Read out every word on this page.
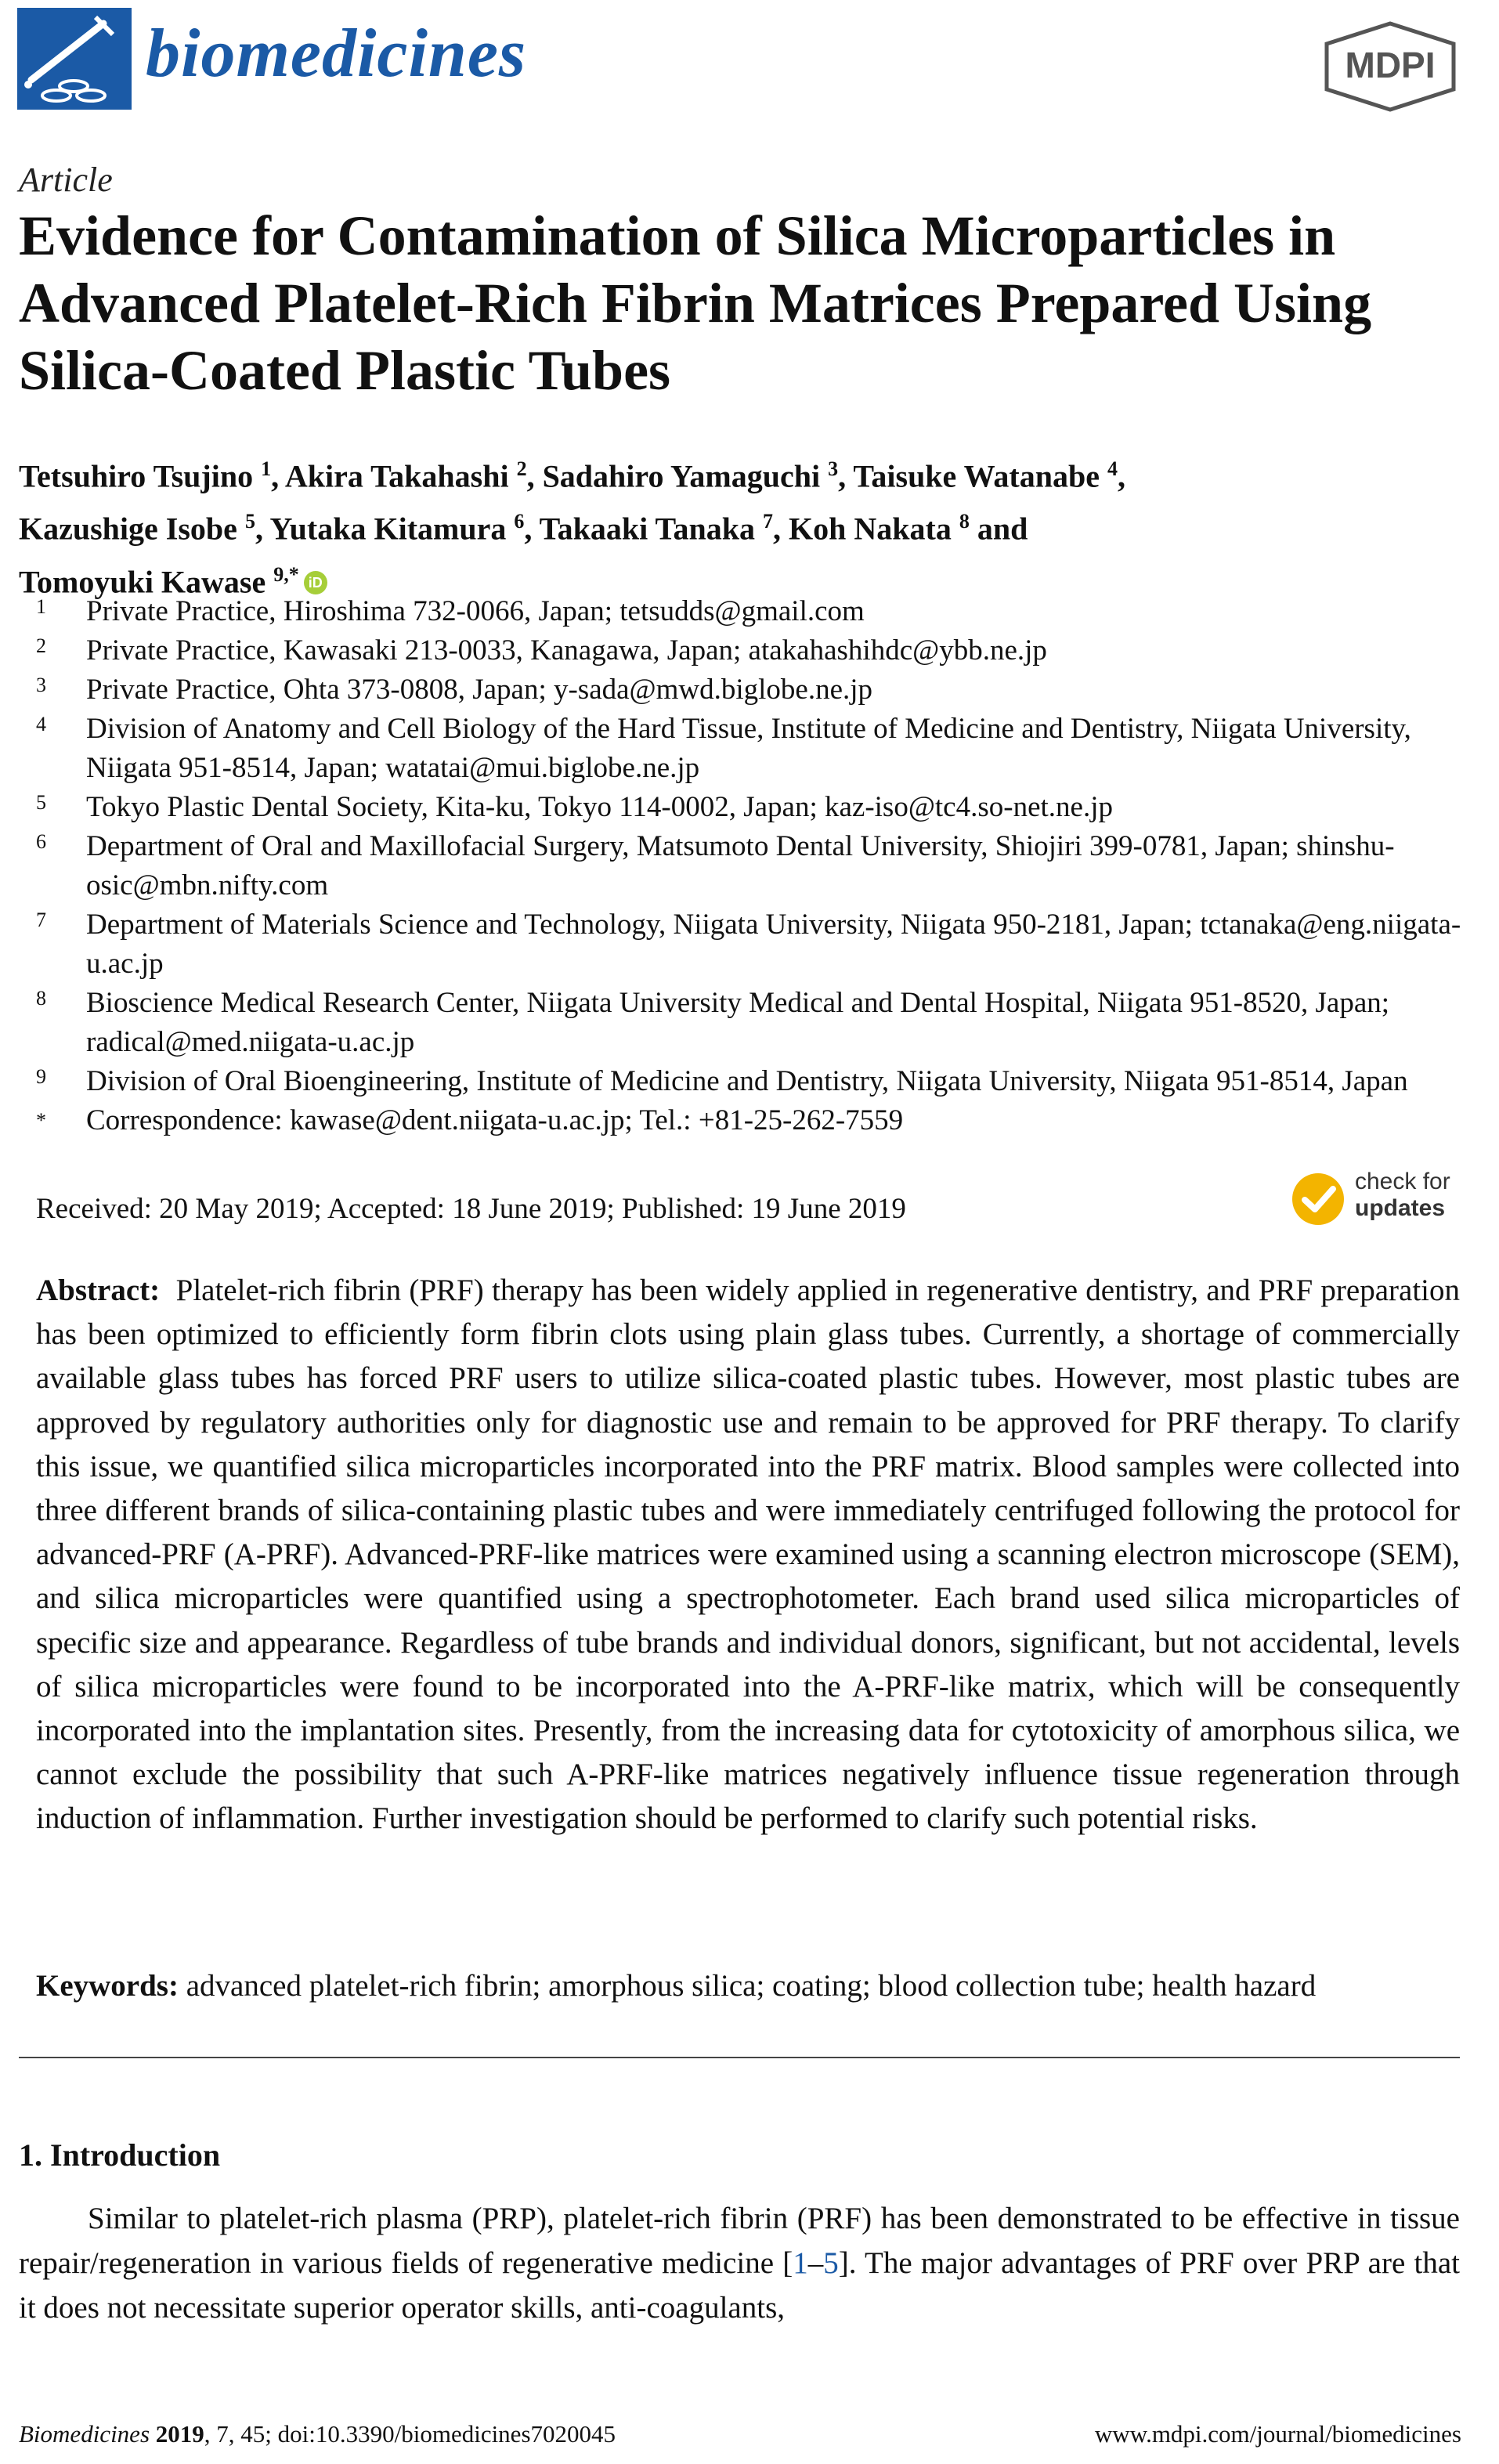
biomedicines	MDPI
Article
Evidence for Contamination of Silica Microparticles in Advanced Platelet-Rich Fibrin Matrices Prepared Using Silica-Coated Plastic Tubes
Tetsuhiro Tsujino $^1$, Akira Takahashi $^2$, Sadahiro Yamaguchi $^3$, Taisuke Watanabe $^4$,
Kazushige Isobe $^5$, Yutaka Kitamura $^6$, Takaaki Tanaka $^7$, Koh Nakata $^8$ and
Tomoyuki Kawase $^{9,*}$ iD
1 Private Practice, Hiroshima 732-0066, Japan; tetsudds@gmail.com
2 Private Practice, Kawasaki 213-0033, Kanagawa, Japan; atakahashihdc@ybb.ne.jp
3 Private Practice, Ohta 373-0808, Japan; y-sada@mwd.biglobe.ne.jp
4 Division of Anatomy and Cell Biology of the Hard Tissue, Institute of Medicine and Dentistry, Niigata University, Niigata 951-8514, Japan; watatai@mui.biglobe.ne.jp
5 Tokyo Plastic Dental Society, Kita-ku, Tokyo 114-0002, Japan; kaz-iso@tc4.so-net.ne.jp
6 Department of Oral and Maxillofacial Surgery, Matsumoto Dental University, Shiojiri 399-0781, Japan; shinshu-osic@mbn.nifty.com
7 Department of Materials Science and Technology, Niigata University, Niigata 950-2181, Japan; tctanaka@eng.niigata-u.ac.jp
8 Bioscience Medical Research Center, Niigata University Medical and Dental Hospital, Niigata 951-8520, Japan; radical@med.niigata-u.ac.jp
9 Division of Oral Bioengineering, Institute of Medicine and Dentistry, Niigata University, Niigata 951-8514, Japan
* Correspondence: kawase@dent.niigata-u.ac.jp; Tel.: +81-25-262-7559
Received: 20 May 2019; Accepted: 18 June 2019; Published: 19 June 2019
check for
updates
Abstract: Platelet-rich fibrin (PRF) therapy has been widely applied in regenerative dentistry, and PRF preparation has been optimized to efficiently form fibrin clots using plain glass tubes. Currently, a shortage of commercially available glass tubes has forced PRF users to utilize silica-coated plastic tubes. However, most plastic tubes are approved by regulatory authorities only for diagnostic use and remain to be approved for PRF therapy. To clarify this issue, we quantified silica microparticles incorporated into the PRF matrix. Blood samples were collected into three different brands of silica-containing plastic tubes and were immediately centrifuged following the protocol for advanced-PRF (A-PRF). Advanced-PRF-like matrices were examined using a scanning electron microscope (SEM), and silica microparticles were quantified using a spectrophotometer. Each brand used silica microparticles of specific size and appearance. Regardless of tube brands and individual donors, significant, but not accidental, levels of silica microparticles were found to be incorporated into the A-PRF-like matrix, which will be consequently incorporated into the implantation sites. Presently, from the increasing data for cytotoxicity of amorphous silica, we cannot exclude the possibility that such A-PRF-like matrices negatively influence tissue regeneration through induction of inflammation. Further investigation should be performed to clarify such potential risks.
Keywords: advanced platelet-rich fibrin; amorphous silica; coating; blood collection tube; health hazard
1. Introduction
Similar to platelet-rich plasma (PRP), platelet-rich fibrin (PRF) has been demonstrated to be effective in tissue repair/regeneration in various fields of regenerative medicine [1–5]. The major advantages of PRF over PRP are that it does not necessitate superior operator skills, anti-coagulants,
Biomedicines 2019, 7, 45; doi:10.3390/biomedicines7020045	www.mdpi.com/journal/biomedicines
